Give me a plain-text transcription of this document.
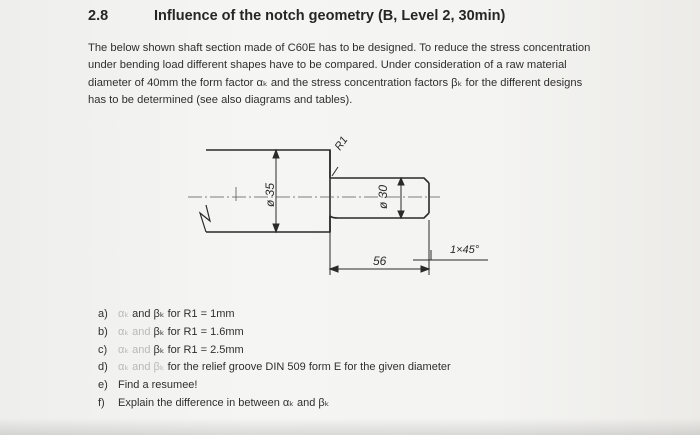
2.8	Influence of the notch geometry (B, Level 2, 30min)
The below shown shaft section made of C60E has to be designed. To reduce the stress concentration
under bending load different shapes have to be compared. Under consideration of a raw material
diameter of 40mm the form factor αₖ and the stress concentration factors βₖ for the different designs
has to be determined (see also diagrams and tables).
ø 35	ø 30
R1
56
1×45°
a) αₖ and βₖ for R1 = 1mm
b) αₖ and βₖ for R1 = 1.6mm
c) αₖ and βₖ for R1 = 2.5mm
d) αₖ and βₖ for the relief groove DIN 509 form E for the given diameter
e) Find a resumee!
f) Explain the difference in between αₖ and βₖ
